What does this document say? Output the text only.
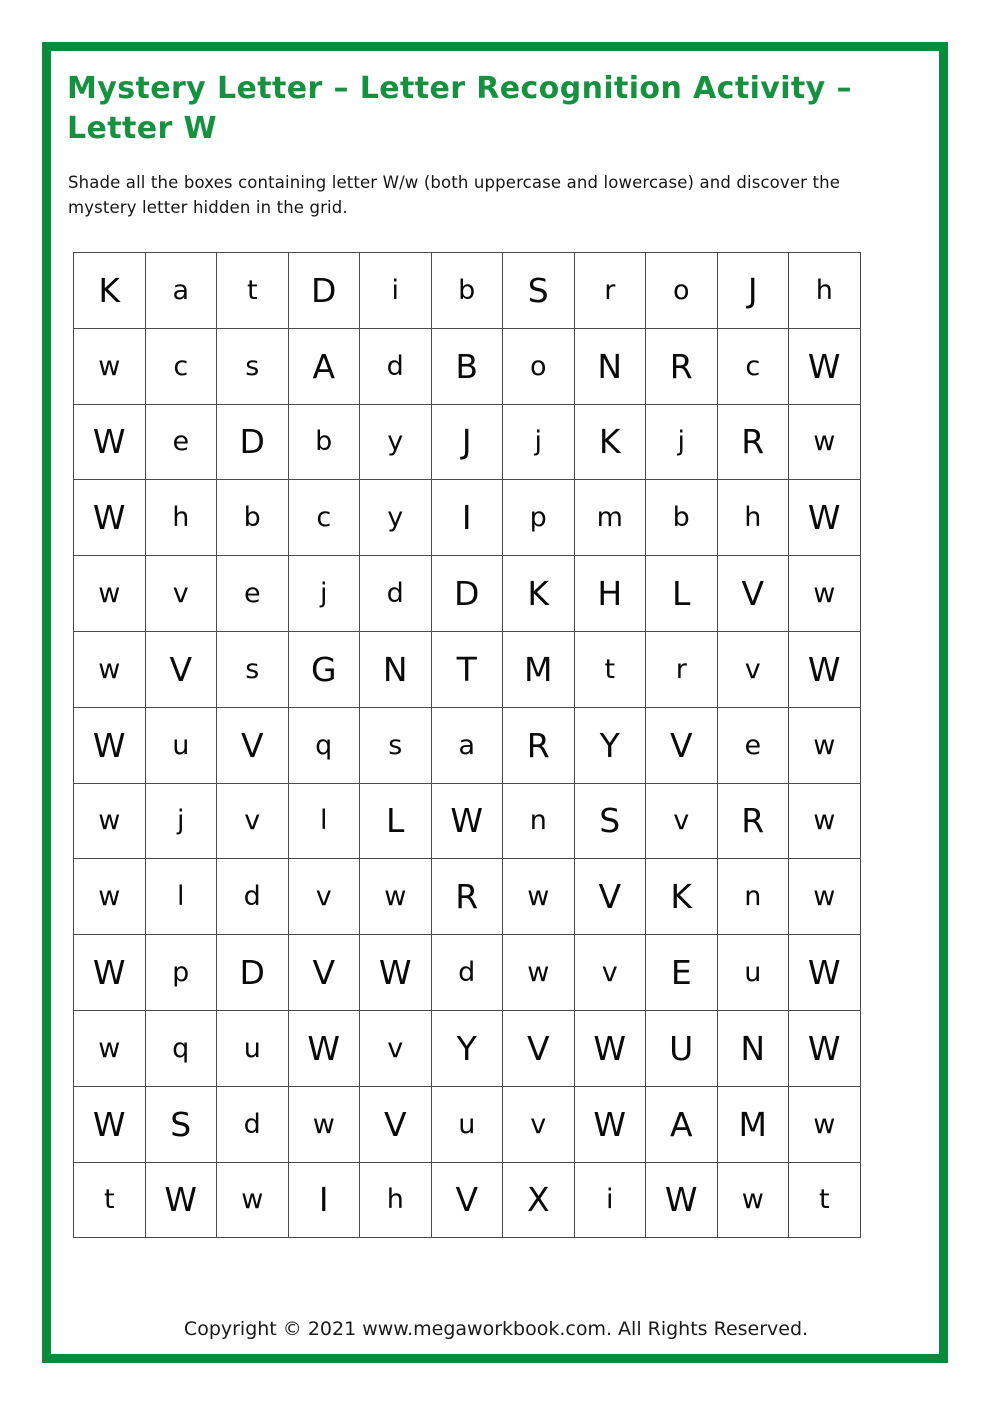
Mystery Letter – Letter Recognition Activity – Letter W

Shade all the boxes containing letter W/w (both uppercase and lowercase) and discover the mystery letter hidden in the grid.

K	a	t	D	i	b	S	r	o	J	h
w	c	s	A	d	B	o	N	R	c	W
W	e	D	b	y	J	j	K	j	R	w
W	h	b	c	y	I	p	m	b	h	W
w	v	e	j	d	D	K	H	L	V	w
w	V	s	G	N	T	M	t	r	v	W
W	u	V	q	s	a	R	Y	V	e	w
w	j	v	l	L	W	n	S	v	R	w
w	l	d	v	w	R	w	V	K	n	w
W	p	D	V	W	d	w	v	E	u	W
w	q	u	W	v	Y	V	W	U	N	W
W	S	d	w	V	u	v	W	A	M	w
t	W	w	I	h	V	X	i	W	w	t
Copyright © 2021 www.megaworkbook.com. All Rights Reserved.
